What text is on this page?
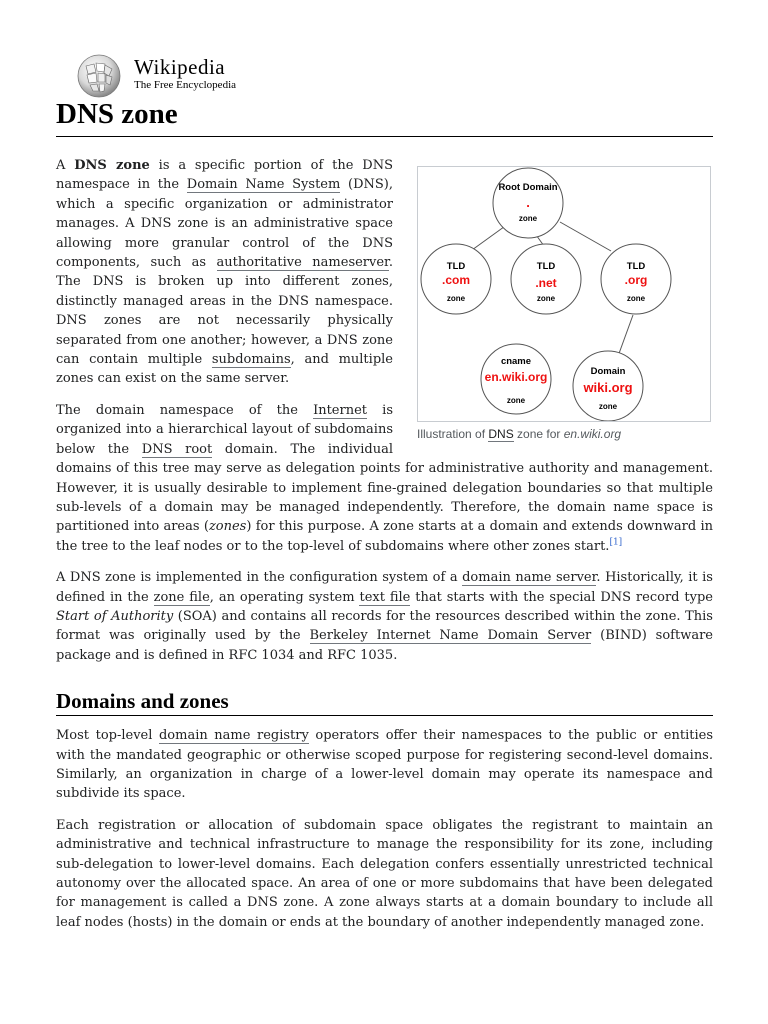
Wikipedia
The Free Encyclopedia
DNS zone
Root Domain
.
zone
TLD
.com
zone
TLD
.net
zone
TLD
.org
zone
cname
en.wiki.org
zone
Domain
wiki.org
zone
Illustration of DNS zone for en.wiki.org

A DNS zone is a specific portion of the DNS namespace in the Domain Name System (DNS), which a specific organization or administrator manages. A DNS zone is an administrative space allowing more granular control of the DNS components, such as authoritative nameserver. The DNS is broken up into different zones, distinctly managed areas in the DNS namespace. DNS zones are not necessarily physically separated from one another; however, a DNS zone can contain multiple subdomains, and multiple zones can exist on the same server.

The domain namespace of the Internet is organized into a hierarchical layout of subdomains below the DNS root domain. The individual domains of this tree may serve as delegation points for administrative authority and management. However, it is usually desirable to implement fine-grained delegation boundaries so that multiple sub-levels of a domain may be managed independently. Therefore, the domain name space is partitioned into areas (zones) for this purpose. A zone starts at a domain and extends downward in the tree to the leaf nodes or to the top-level of subdomains where other zones start.[1]

A DNS zone is implemented in the configuration system of a domain name server. Historically, it is defined in the zone file, an operating system text file that starts with the special DNS record type Start of Authority (SOA) and contains all records for the resources described within the zone. This format was originally used by the Berkeley Internet Name Domain Server (BIND) software package and is defined in RFC 1034 and RFC 1035.

Domains and zones

Most top-level domain name registry operators offer their namespaces to the public or entities with the mandated geographic or otherwise scoped purpose for registering second-level domains. Similarly, an organization in charge of a lower-level domain may operate its namespace and subdivide its space.

Each registration or allocation of subdomain space obligates the registrant to maintain an administrative and technical infrastructure to manage the responsibility for its zone, including sub-delegation to lower-level domains. Each delegation confers essentially unrestricted technical autonomy over the allocated space. An area of one or more subdomains that have been delegated for management is called a DNS zone. A zone always starts at a domain boundary to include all leaf nodes (hosts) in the domain or ends at the boundary of another independently managed zone.
